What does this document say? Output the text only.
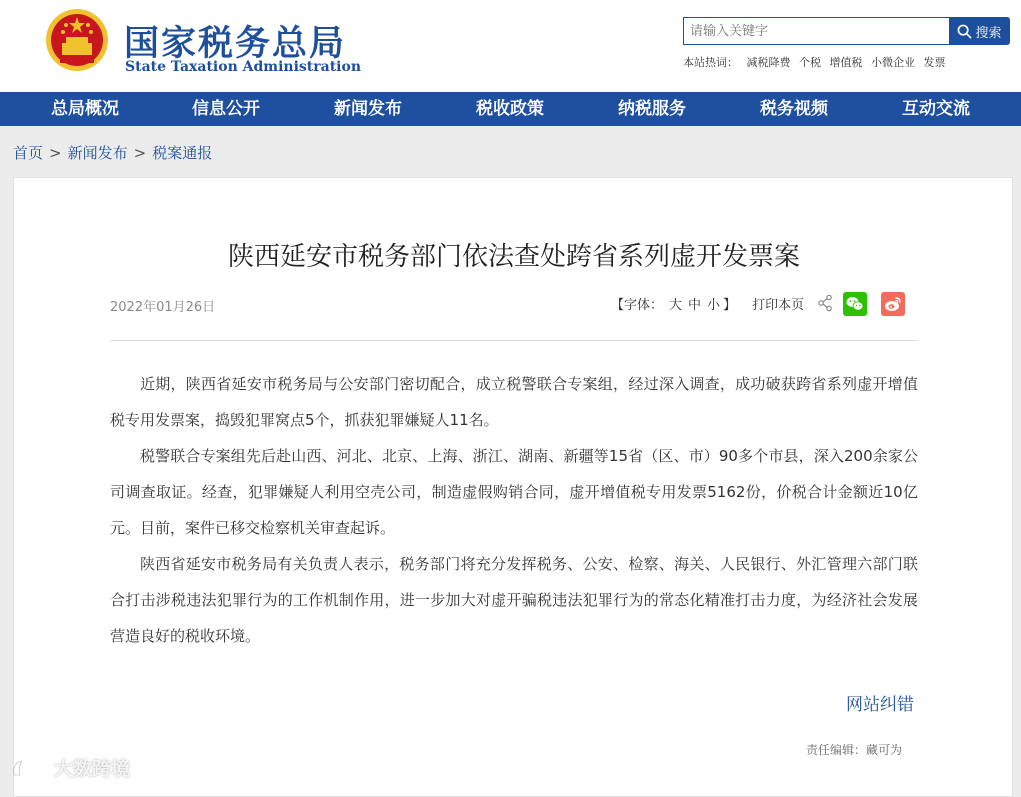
国家税务总局
State Taxation Administration
请输入关键字
搜索
本站热词： 减税降费 个税 增值税 小微企业 发票
总局概况	信息公开	新闻发布	税收政策	纳税服务	税务视频	互动交流
首页 > 新闻发布 > 税案通报
陕西延安市税务部门依法查处跨省系列虚开发票案
2022年01月26日	【字体： 大 中 小 】 打印本页

近期，陕西省延安市税务局与公安部门密切配合，成立税警联合专案组，经过深入调查，成功破获跨省系列虚开增值税专用发票案，捣毁犯罪窝点5个，抓获犯罪嫌疑人11名。

税警联合专案组先后赴山西、河北、北京、上海、浙江、湖南、新疆等15省（区、市）90多个市县，深入200余家公司调查取证。经查，犯罪嫌疑人利用空壳公司，制造虚假购销合同，虚开增值税专用发票5162份，价税合计金额近10亿元。目前，案件已移交检察机关审查起诉。

陕西省延安市税务局有关负责人表示，税务部门将充分发挥税务、公安、检察、海关、人民银行、外汇管理六部门联合打击涉税违法犯罪行为的工作机制作用，进一步加大对虚开骗税违法犯罪行为的常态化精准打击力度，为经济社会发展营造良好的税收环境。

网站纠错
责任编辑：藏可为
大数跨境
